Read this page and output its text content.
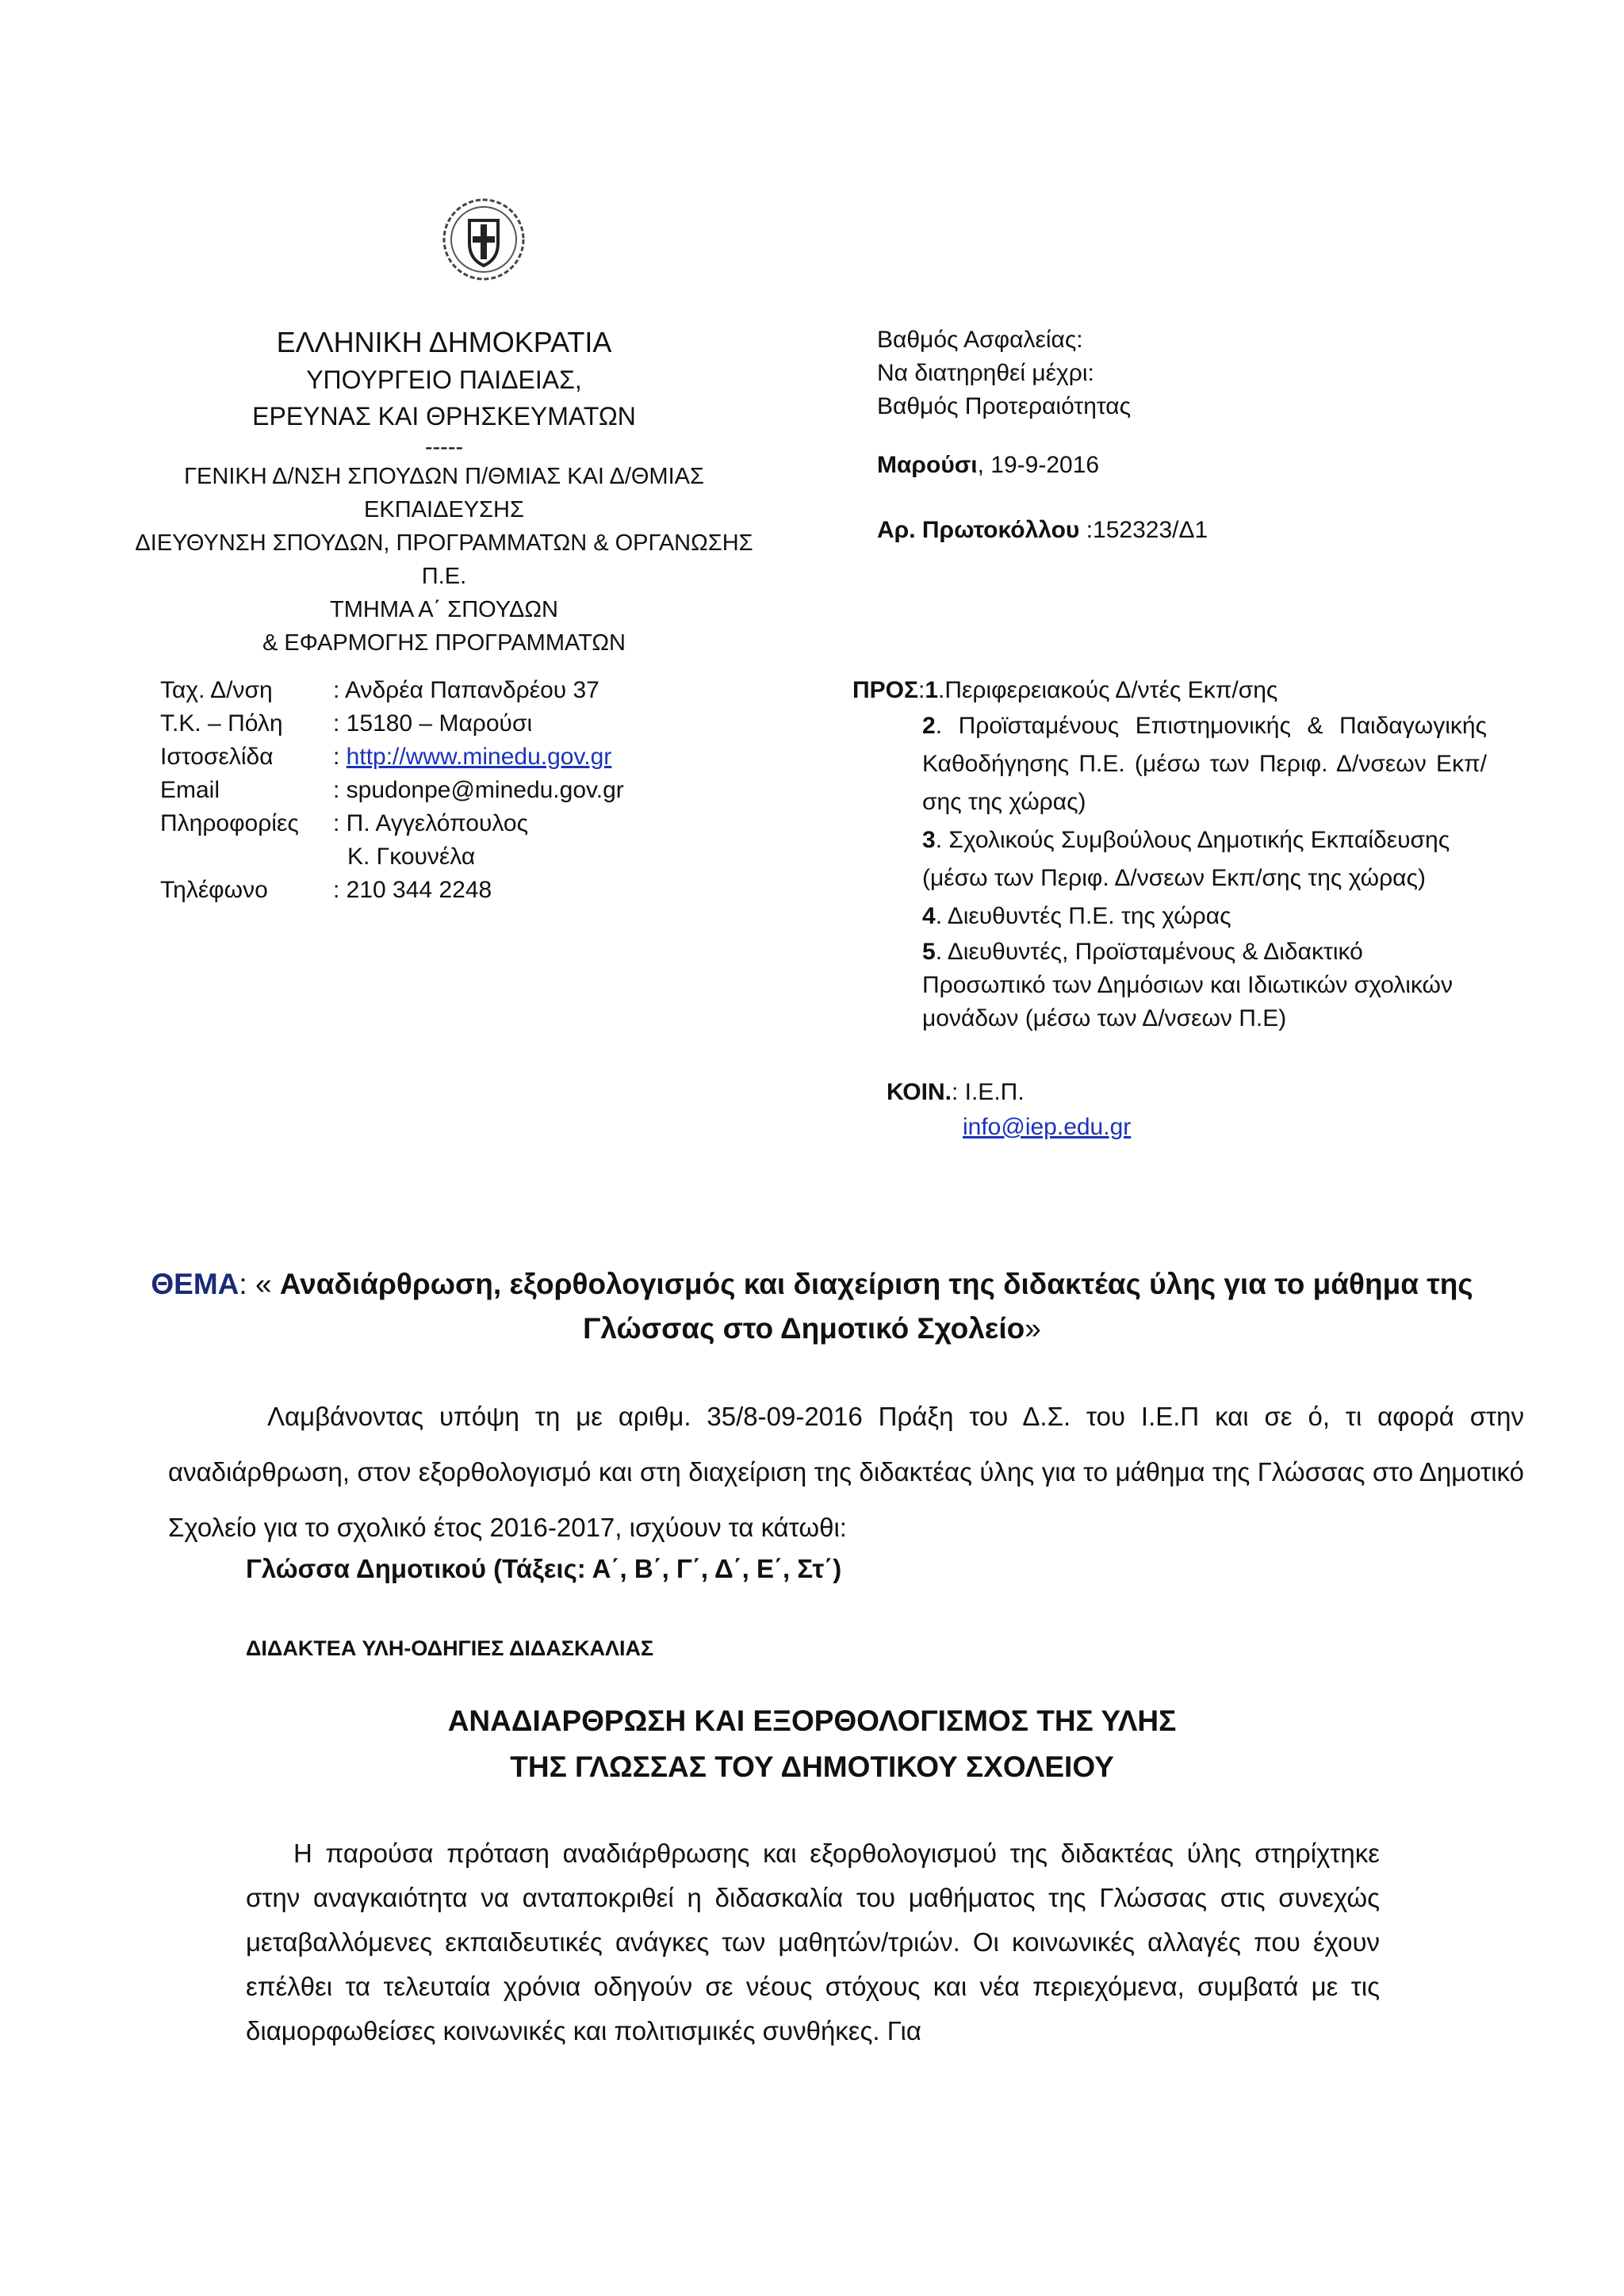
ΕΛΛΗΝΙΚΗ ΔΗΜΟΚΡΑΤΙΑ
ΥΠΟΥΡΓΕΙΟ ΠΑΙΔΕΙΑΣ,
ΕΡΕΥΝΑΣ ΚΑΙ ΘΡΗΣΚΕΥΜΑΤΩΝ
-----
ΓΕΝΙΚΗ Δ/ΝΣΗ ΣΠΟΥΔΩΝ Π/ΘΜΙΑΣ ΚΑΙ Δ/ΘΜΙΑΣ
ΕΚΠΑΙΔΕΥΣΗΣ
ΔΙΕΥΘΥΝΣΗ ΣΠΟΥΔΩΝ, ΠΡΟΓΡΑΜΜΑΤΩΝ & ΟΡΓΑΝΩΣΗΣ Π.Ε.
ΤΜΗΜΑ Α΄ ΣΠΟΥΔΩΝ
& ΕΦΑΡΜΟΓΗΣ ΠΡΟΓΡΑΜΜΑΤΩΝ
Βαθμός Ασφαλείας:
Να διατηρηθεί μέχρι:
Βαθμός Προτεραιότητας
Μαρούσι, 19-9-2016
Αρ. Πρωτοκόλλου :152323/Δ1
Ταχ. Δ/νση	: Ανδρέα Παπανδρέου 37
Τ.Κ. – Πόλη	: 15180 – Μαρούσι
Ιστοσελίδα	: http://www.minedu.gov.gr
Email	: spudonpe@minedu.gov.gr
Πληροφορίες	: Π. Αγγελόπουλος
Κ. Γκουνέλα

Τηλέφωνο	: 210 344 2248
ΠΡΟΣ:1.Περιφερειακούς Δ/ντές Εκπ/σης
2. Προϊσταμένους Επιστημονικής & Παιδαγωγικής Καθοδήγησης Π.Ε. (μέσω των Περιφ. Δ/νσεων Εκπ/σης της χώρας)
3. Σχολικούς Συμβούλους Δημοτικής Εκπαίδευσης (μέσω των Περιφ. Δ/νσεων Εκπ/σης της χώρας)
4. Διευθυντές Π.Ε. της χώρας
5. Διευθυντές, Προϊσταμένους & Διδακτικό Προσωπικό των Δημόσιων και Ιδιωτικών σχολικών μονάδων (μέσω των Δ/νσεων Π.Ε)
ΚΟΙΝ.: Ι.Ε.Π.
info@iep.edu.gr
ΘΕΜΑ: « Αναδιάρθρωση, εξορθολογισμός και διαχείριση της διδακτέας ύλης για το μάθημα της Γλώσσας στο Δημοτικό Σχολείο»

Λαμβάνοντας υπόψη τη με αριθμ. 35/8-09-2016 Πράξη του Δ.Σ. του Ι.Ε.Π και σε ό, τι αφορά στην αναδιάρθρωση, στον εξορθολογισμό και στη διαχείριση της διδακτέας ύλης για το μάθημα της Γλώσσας στο Δημοτικό Σχολείο για το σχολικό έτος 2016-2017, ισχύουν τα κάτωθι:

Γλώσσα Δημοτικού (Τάξεις: Α΄, Β΄, Γ΄, Δ΄, Ε΄, Στ΄)
ΔΙΔΑΚΤΕΑ ΥΛΗ-ΟΔΗΓΙΕΣ ΔΙΔΑΣΚΑΛΙΑΣ
ΑΝΑΔΙΑΡΘΡΩΣΗ ΚΑΙ ΕΞΟΡΘΟΛΟΓΙΣΜΟΣ ΤΗΣ ΥΛΗΣ
ΤΗΣ ΓΛΩΣΣΑΣ ΤΟΥ ΔΗΜΟΤΙΚΟΥ ΣΧΟΛΕΙΟΥ

Η παρούσα πρόταση αναδιάρθρωσης και εξορθολογισμού της διδακτέας ύλης στηρίχτηκε στην αναγκαιότητα να ανταποκριθεί η διδασκαλία του μαθήματος της Γλώσσας στις συνεχώς μεταβαλλόμενες εκπαιδευτικές ανάγκες των μαθητών/τριών. Οι κοινωνικές αλλαγές που έχουν επέλθει τα τελευταία χρόνια οδηγούν σε νέους στόχους και νέα περιεχόμενα, συμβατά με τις διαμορφωθείσες κοινωνικές και πολιτισμικές συνθήκες. Για
